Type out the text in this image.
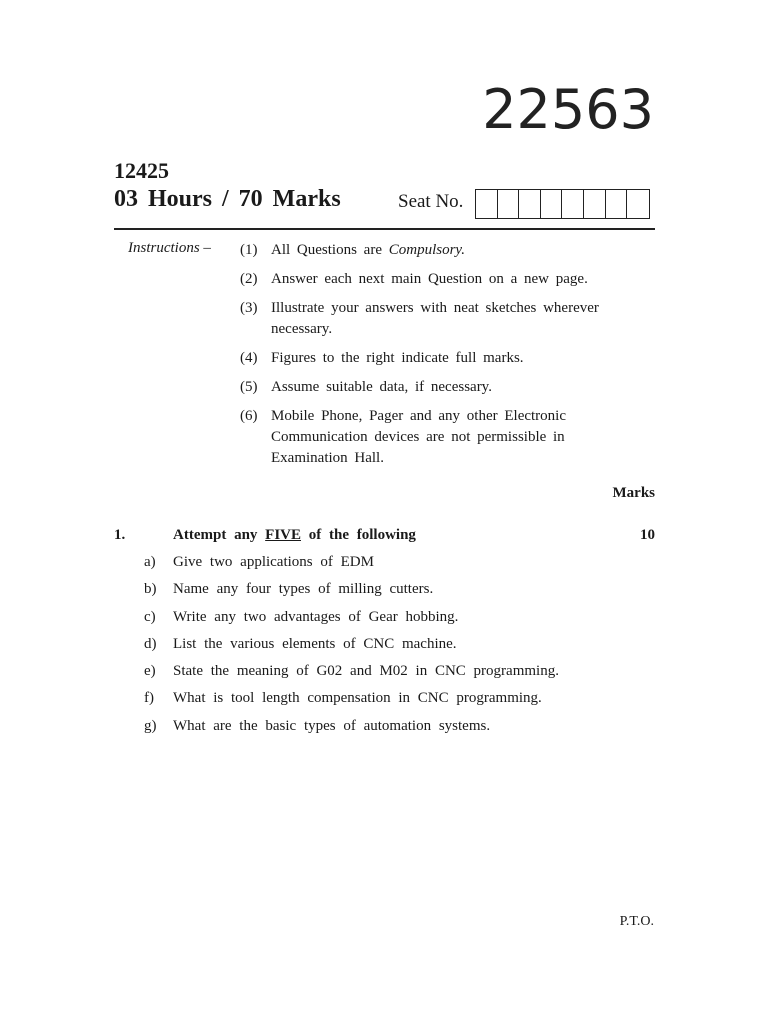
22563
12425
03 Hours / 70 Marks	Seat No.
Instructions – (1) All Questions are Compulsory.
(2) Answer each next main Question on a new page.
(3) Illustrate your answers with neat sketches wherever necessary.
(4) Figures to the right indicate full marks.
(5) Assume suitable data, if necessary.
(6) Mobile Phone, Pager and any other Electronic Communication devices are not permissible in Examination Hall.
Marks
1.	Attempt any FIVE of the following	10
a)	Give two applications of EDM
b)	Name any four types of milling cutters.
c)	Write any two advantages of Gear hobbing.
d)	List the various elements of CNC machine.
e)	State the meaning of G02 and M02 in CNC programming.
f)	What is tool length compensation in CNC programming.
g)	What are the basic types of automation systems.
P.T.O.
